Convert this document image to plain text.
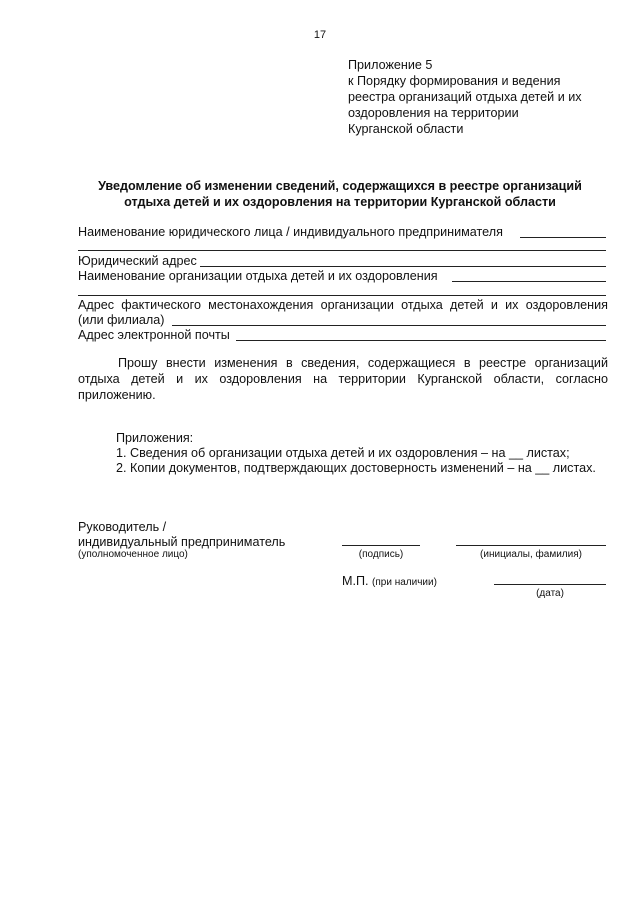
17
Приложение 5
к Порядку формирования и ведения
реестра организаций отдыха детей и их
оздоровления на территории
Курганской области
Уведомление об изменении сведений, содержащихся в реестре организаций
отдыха детей и их оздоровления на территории Курганской области
Наименование юридического лица / индивидуального предпринимателя
Юридический адрес
Наименование организации отдыха детей и их оздоровления
Адрес фактического местонахождения организации отдыха детей и их оздоровления
(или филиала)
Адрес электронной почты
Прошу внести изменения в сведения, содержащиеся в реестре организаций отдыха детей и их оздоровления на территории Курганской области, согласно приложению.
Приложения:
1. Сведения об организации отдыха детей и их оздоровления – на __ листах;
2. Копии документов, подтверждающих достоверность изменений – на __ листах.
Руководитель /
индивидуальный предприниматель
(уполномоченное лицо)	(подпись)	(инициалы, фамилия)
М.П. (при наличии)
(дата)
